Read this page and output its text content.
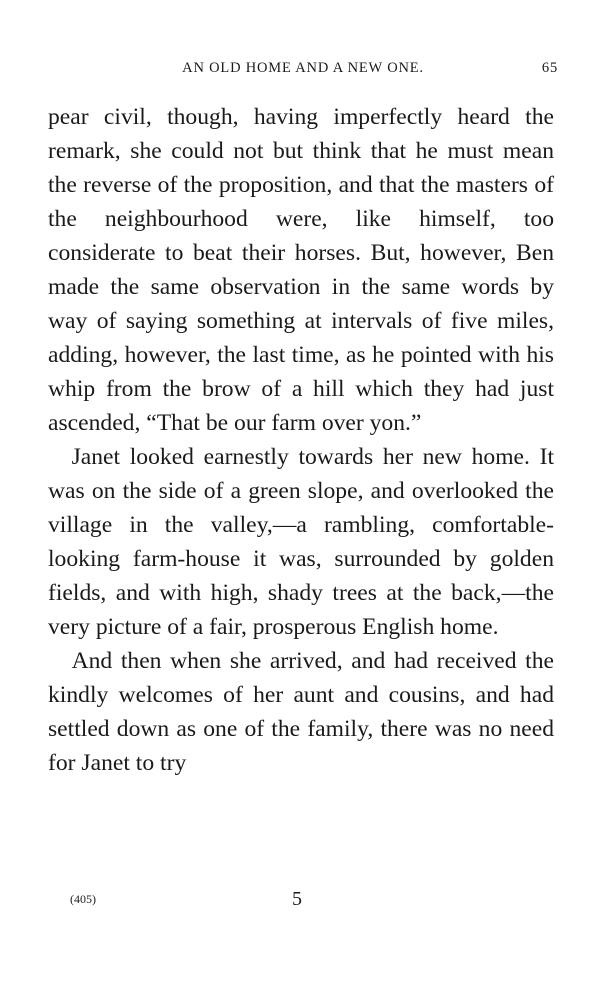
AN OLD HOME AND A NEW ONE.	65

pear civil, though, having imperfectly heard the remark, she could not but think that he must mean the reverse of the proposition, and that the masters of the neighbourhood were, like himself, too considerate to beat their horses. But, however, Ben made the same observation in the same words by way of saying something at intervals of five miles, adding, however, the last time, as he pointed with his whip from the brow of a hill which they had just ascended, “That be our farm over yon.”

Janet looked earnestly towards her new home. It was on the side of a green slope, and overlooked the village in the valley,—a rambling, comfortable-looking farm-house it was, surrounded by golden fields, and with high, shady trees at the back,—the very picture of a fair, prosperous English home.

And then when she arrived, and had received the kindly welcomes of her aunt and cousins, and had settled down as one of the family, there was no need for Janet to try

(405)	5
